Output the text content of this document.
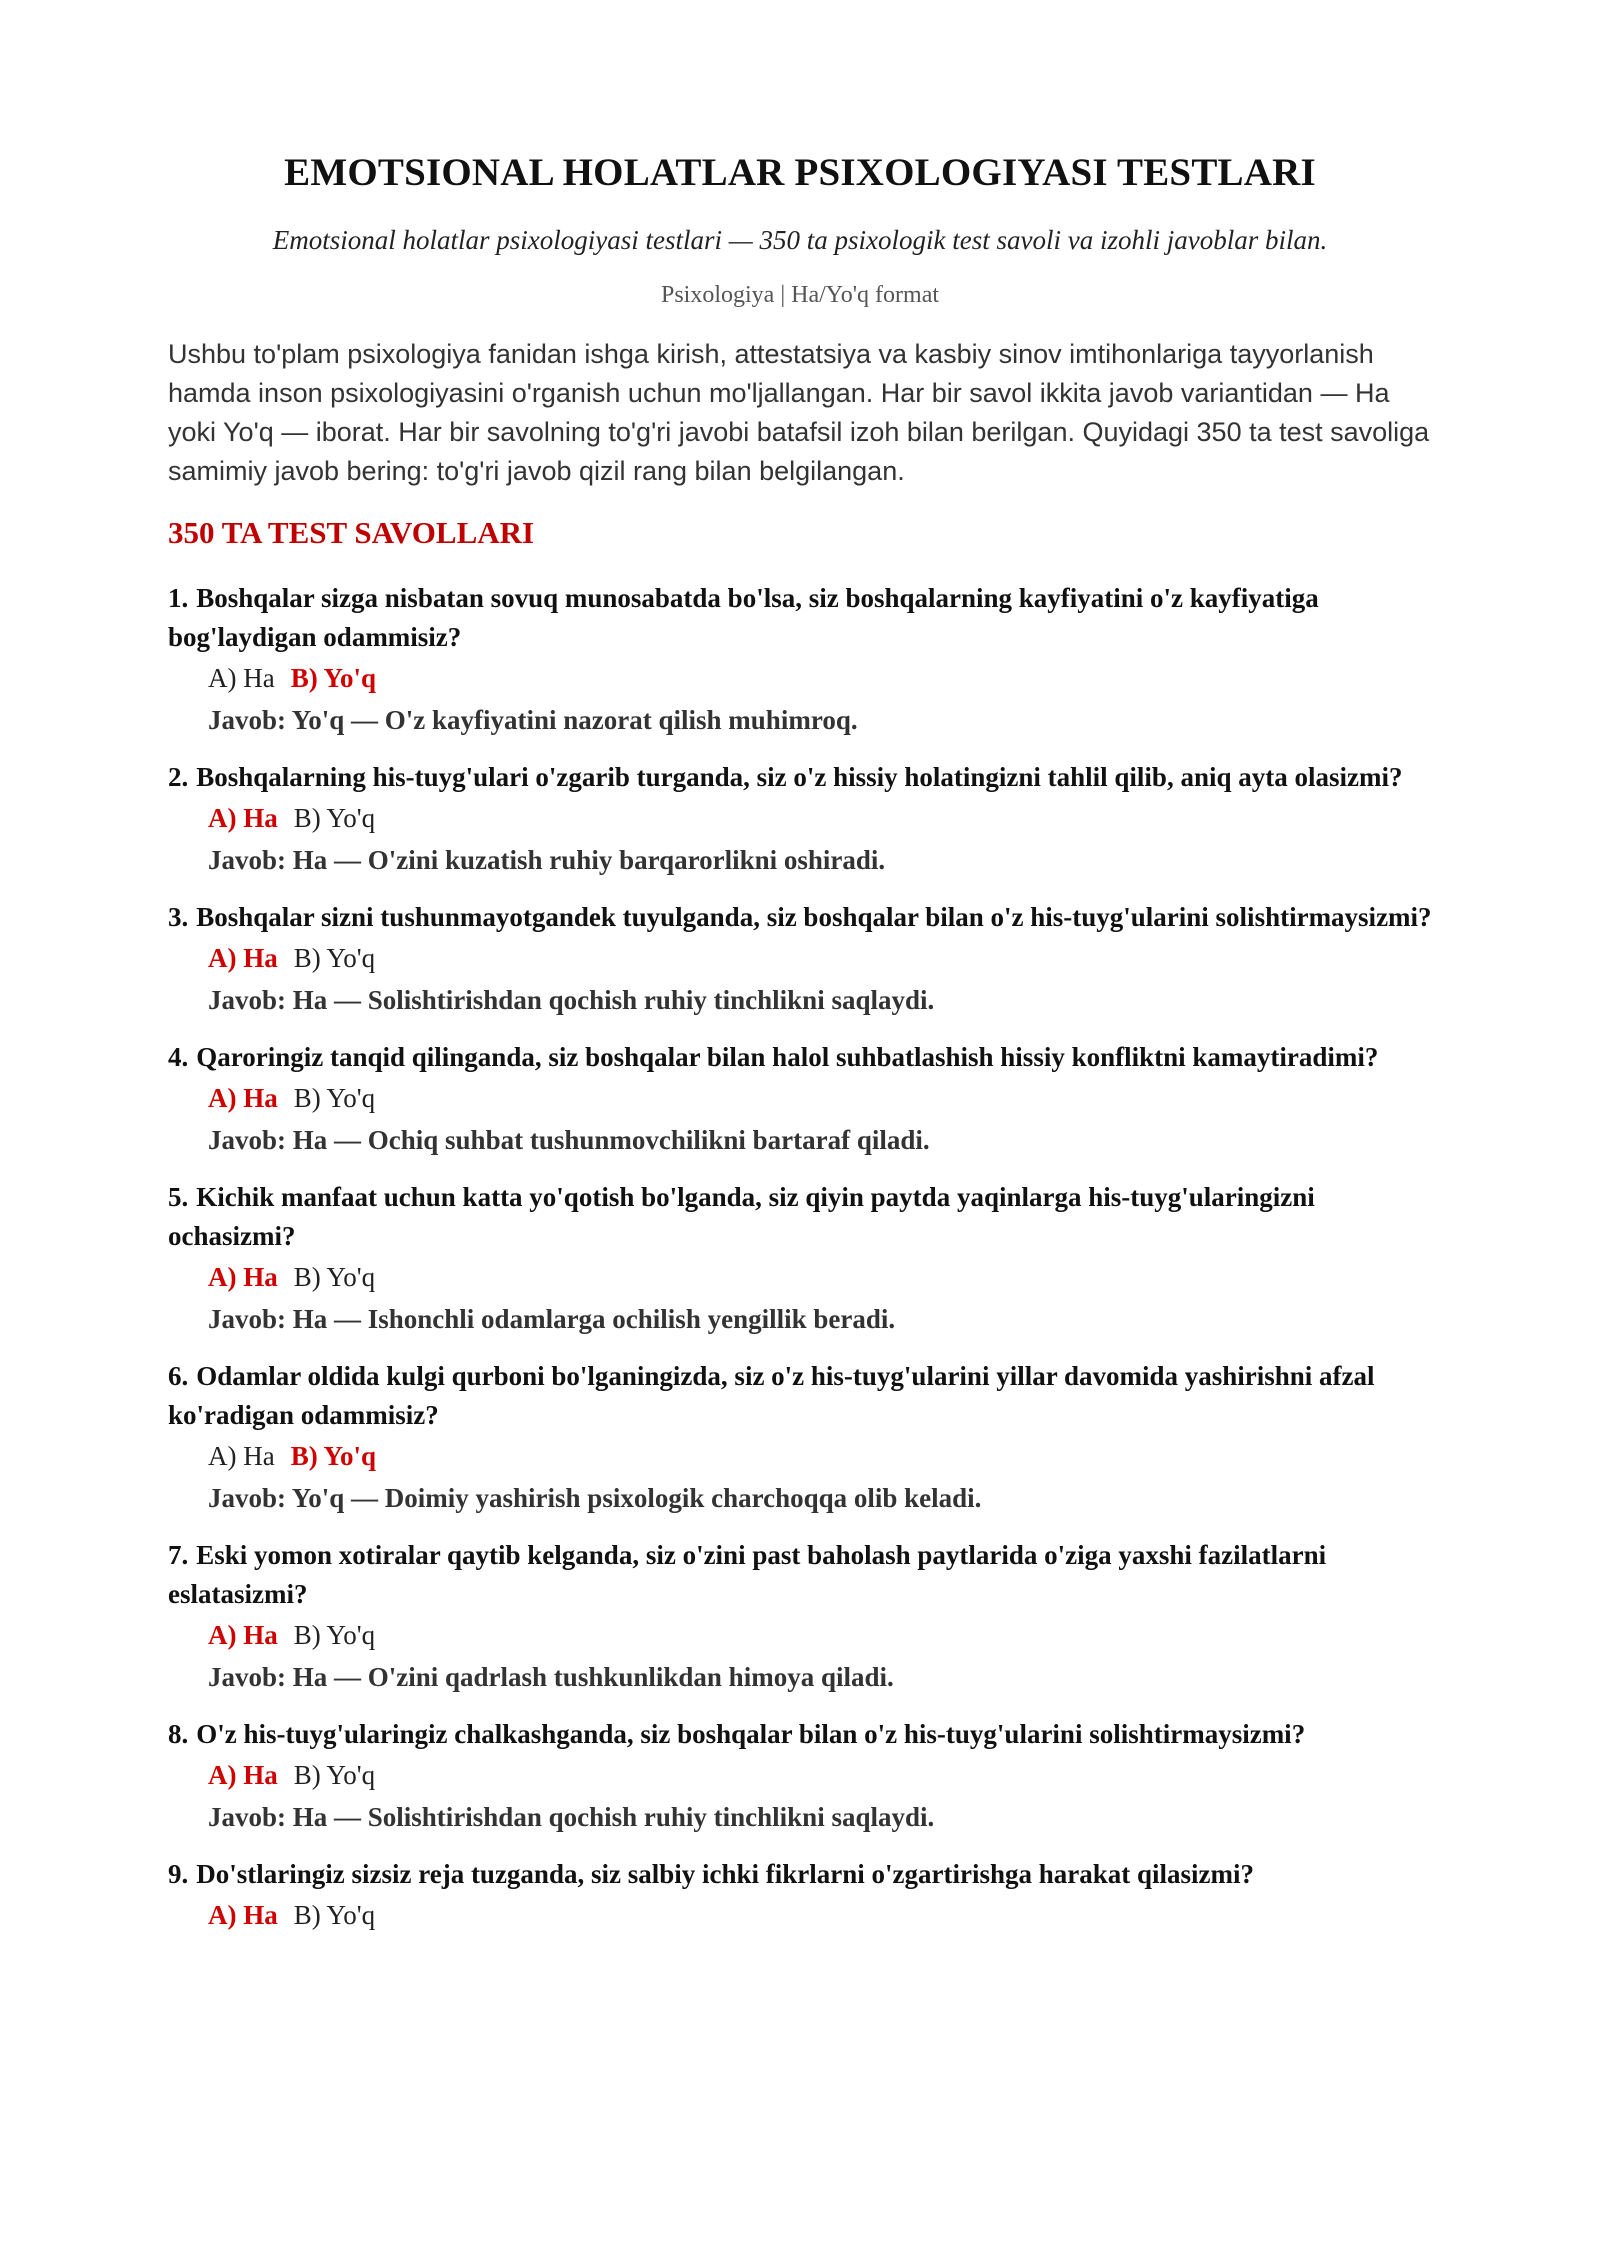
EMOTSIONAL HOLATLAR PSIXOLOGIYASI TESTLARI

Emotsional holatlar psixologiyasi testlari — 350 ta psixologik test savoli va izohli javoblar bilan.

Psixologiya | Ha/Yo'q format

Ushbu to'plam psixologiya fanidan ishga kirish, attestatsiya va kasbiy sinov imtihonlariga tayyorlanish hamda inson psixologiyasini o'rganish uchun mo'ljallangan. Har bir savol ikkita javob variantidan — Ha yoki Yo'q — iborat. Har bir savolning to'g'ri javobi batafsil izoh bilan berilgan. Quyidagi 350 ta test savoliga samimiy javob bering: to'g'ri javob qizil rang bilan belgilangan.

350 TA TEST SAVOLLARI
1. Boshqalar sizga nisbatan sovuq munosabatda bo'lsa, siz boshqalarning kayfiyatini o'z kayfiyatiga bog'laydigan odammisiz?
A) Ha B) Yo'q
Javob: Yo'q — O'z kayfiyatini nazorat qilish muhimroq.
2. Boshqalarning his-tuyg'ulari o'zgarib turganda, siz o'z hissiy holatingizni tahlil qilib, aniq ayta olasizmi?
A) Ha B) Yo'q
Javob: Ha — O'zini kuzatish ruhiy barqarorlikni oshiradi.
3. Boshqalar sizni tushunmayotgandek tuyulganda, siz boshqalar bilan o'z his-tuyg'ularini solishtirmaysizmi?
A) Ha B) Yo'q
Javob: Ha — Solishtirishdan qochish ruhiy tinchlikni saqlaydi.
4. Qaroringiz tanqid qilinganda, siz boshqalar bilan halol suhbatlashish hissiy konfliktni kamaytiradimi?
A) Ha B) Yo'q
Javob: Ha — Ochiq suhbat tushunmovchilikni bartaraf qiladi.
5. Kichik manfaat uchun katta yo'qotish bo'lganda, siz qiyin paytda yaqinlarga his-tuyg'ularingizni ochasizmi?
A) Ha B) Yo'q
Javob: Ha — Ishonchli odamlarga ochilish yengillik beradi.
6. Odamlar oldida kulgi qurboni bo'lganingizda, siz o'z his-tuyg'ularini yillar davomida yashirishni afzal ko'radigan odammisiz?
A) Ha B) Yo'q
Javob: Yo'q — Doimiy yashirish psixologik charchoqqa olib keladi.
7. Eski yomon xotiralar qaytib kelganda, siz o'zini past baholash paytlarida o'ziga yaxshi fazilatlarni eslatasizmi?
A) Ha B) Yo'q
Javob: Ha — O'zini qadrlash tushkunlikdan himoya qiladi.
8. O'z his-tuyg'ularingiz chalkashganda, siz boshqalar bilan o'z his-tuyg'ularini solishtirmaysizmi?
A) Ha B) Yo'q
Javob: Ha — Solishtirishdan qochish ruhiy tinchlikni saqlaydi.
9. Do'stlaringiz sizsiz reja tuzganda, siz salbiy ichki fikrlarni o'zgartirishga harakat qilasizmi?
A) Ha B) Yo'q
